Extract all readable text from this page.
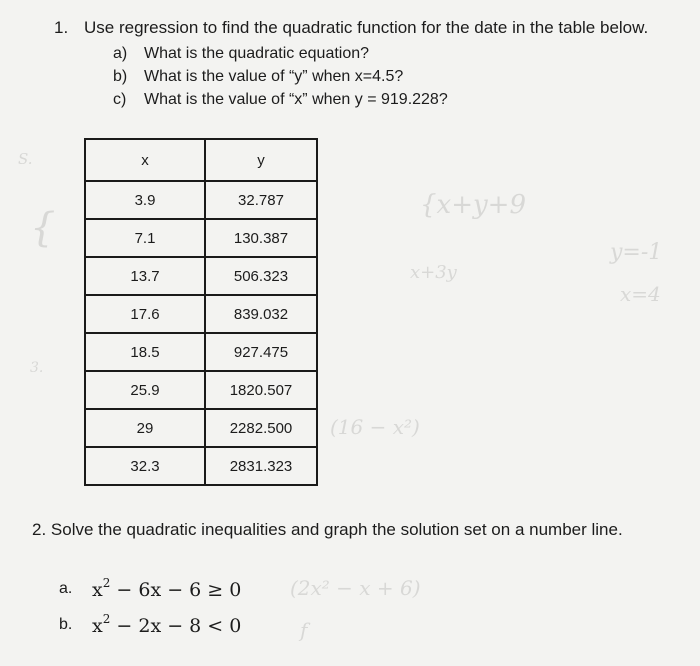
S.
{x+y+9
{
y=-1
x=4
x+3y
3.
(16 − x²)
(2x² − x + 6)
f
1. Use regression to find the quadratic function for the date in the table below.
a) What is the quadratic equation?
b) What is the value of “y” when x=4.5?
c) What is the value of “x” when y = 919.228?
x	y
3.9	32.787
7.1	130.387
13.7	506.323
17.6	839.032
18.5	927.475
25.9	1820.507
29	2282.500
32.3	2831.323
2. Solve the quadratic inequalities and graph the solution set on a number line.
a. $x^2 - 6x - 6 \ge 0$
b. $x^2 - 2x - 8 < 0$
